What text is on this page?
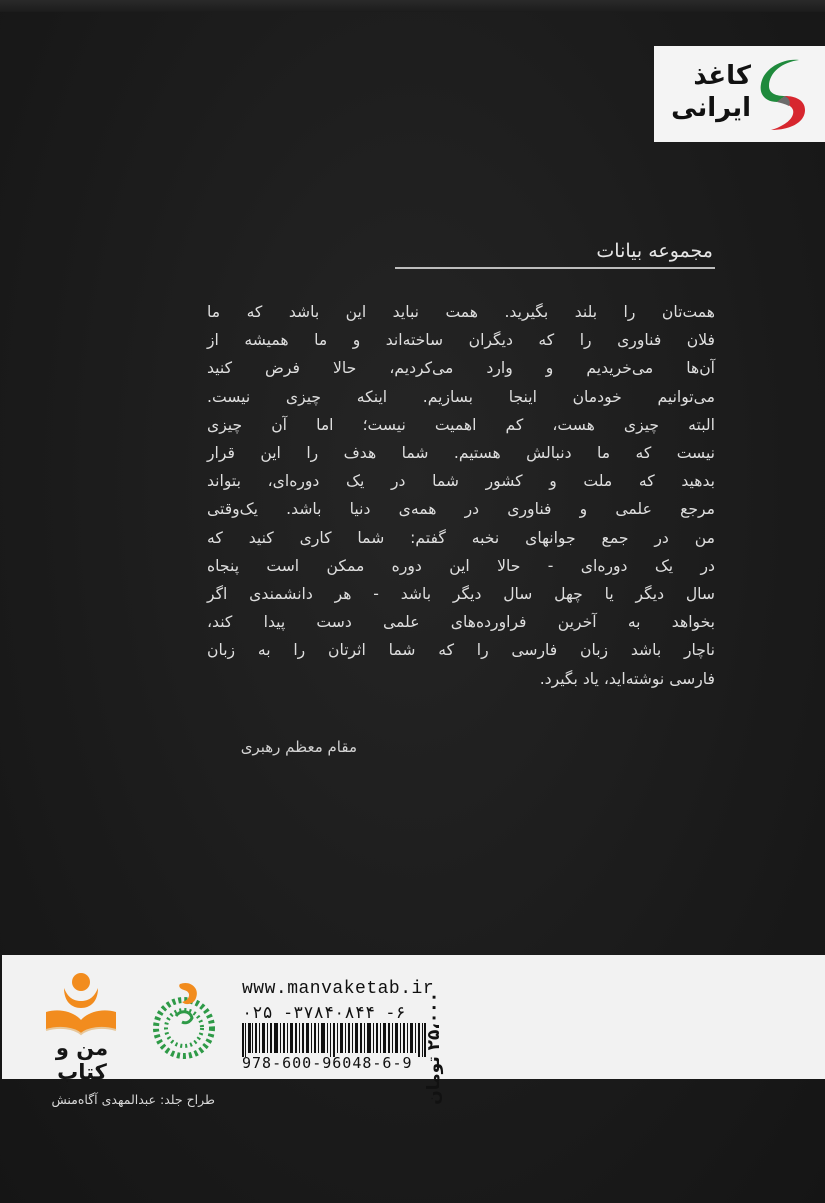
کاغذ
ایرانی
مجموعه بیانات
همت‌تان را بلند بگیرید. همت نباید این باشد که ما
فلان فناوری را که دیگران ساخته‌اند و ما همیشه از
آن‌ها می‌خریدیم و وارد می‌کردیم، حالا فرض کنید
می‌توانیم خودمان اینجا بسازیم. اینکه چیزی نیست.
البته چیزی هست، کم اهمیت نیست؛ اما آن چیزی
نیست که ما دنبالش هستیم. شما هدف را این قرار
بدهید که ملت و کشور شما در یک دوره‌ای، بتواند
مرجع علمی و فناوری در همه‌ی دنیا باشد. یک‌وقتی
من در جمع جوانهای نخبه گفتم: شما کاری کنید که
در یک دوره‌ای - حالا این دوره ممکن است پنجاه
سال دیگر یا چهل سال دیگر باشد - هر دانشمندی اگر
بخواهد به آخرین فراورده‌های علمی دست پیدا کند،
ناچار باشد زبان فارسی را که شما اثرتان را به زبان
فارسی نوشته‌اید، یاد بگیرد.
مقام معظم رهبری
من و کتاب
www.manvaketab.ir
۰۲۵ -۳۷۸۴۰۸۴۴ -۶
978-600-96048-6-9 ۲۵،۰۰۰ تومان
طراح جلد: عبدالمهدی آگاه‌منش
